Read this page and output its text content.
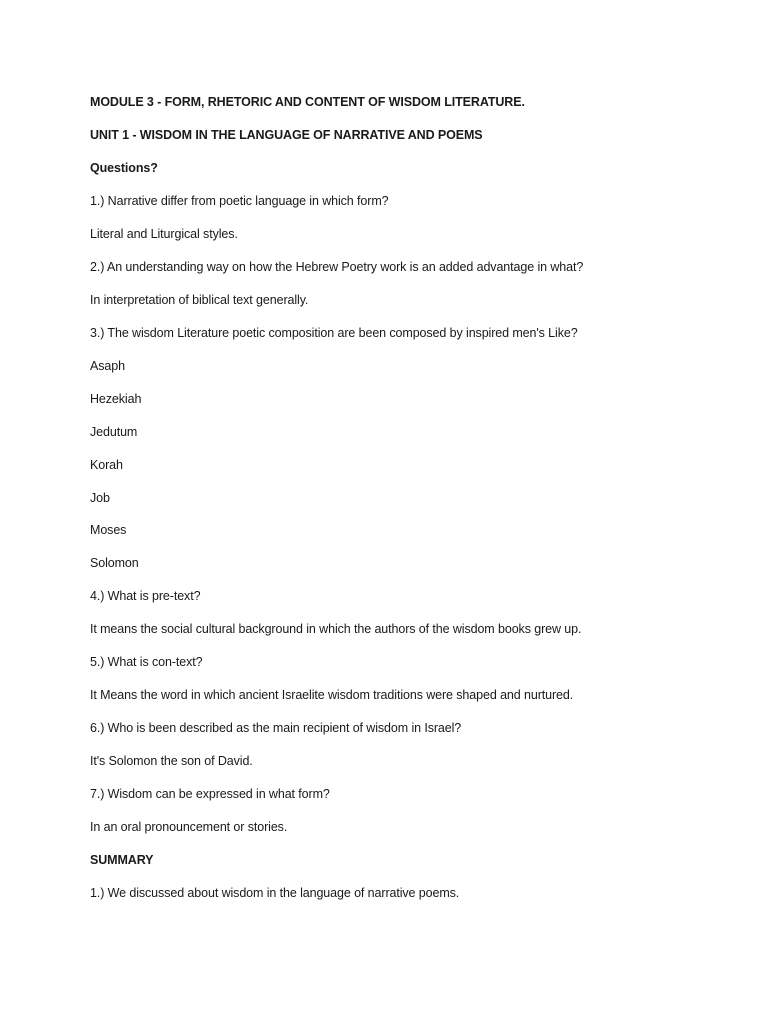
MODULE 3 - FORM, RHETORIC AND CONTENT OF WISDOM LITERATURE.
UNIT 1 - WISDOM IN THE LANGUAGE OF NARRATIVE AND POEMS
Questions?
1.) Narrative differ from poetic language in which form?
Literal and Liturgical styles.
2.) An understanding way on how the Hebrew Poetry work is an added advantage in what?
In interpretation of biblical text generally.
3.) The wisdom Literature poetic composition are been composed by inspired men's Like?
Asaph
Hezekiah
Jedutum
Korah
Job
Moses
Solomon
4.) What is pre-text?
It means the social cultural background in which the authors of the wisdom books grew up.
5.) What is con-text?
It Means the word in which ancient Israelite wisdom traditions were shaped and nurtured.
6.) Who is been described as the main recipient of wisdom in Israel?
It's Solomon the son of David.
7.) Wisdom can be expressed in what form?
In an oral pronouncement or stories.
SUMMARY
1.) We discussed about wisdom in the language of narrative poems.
